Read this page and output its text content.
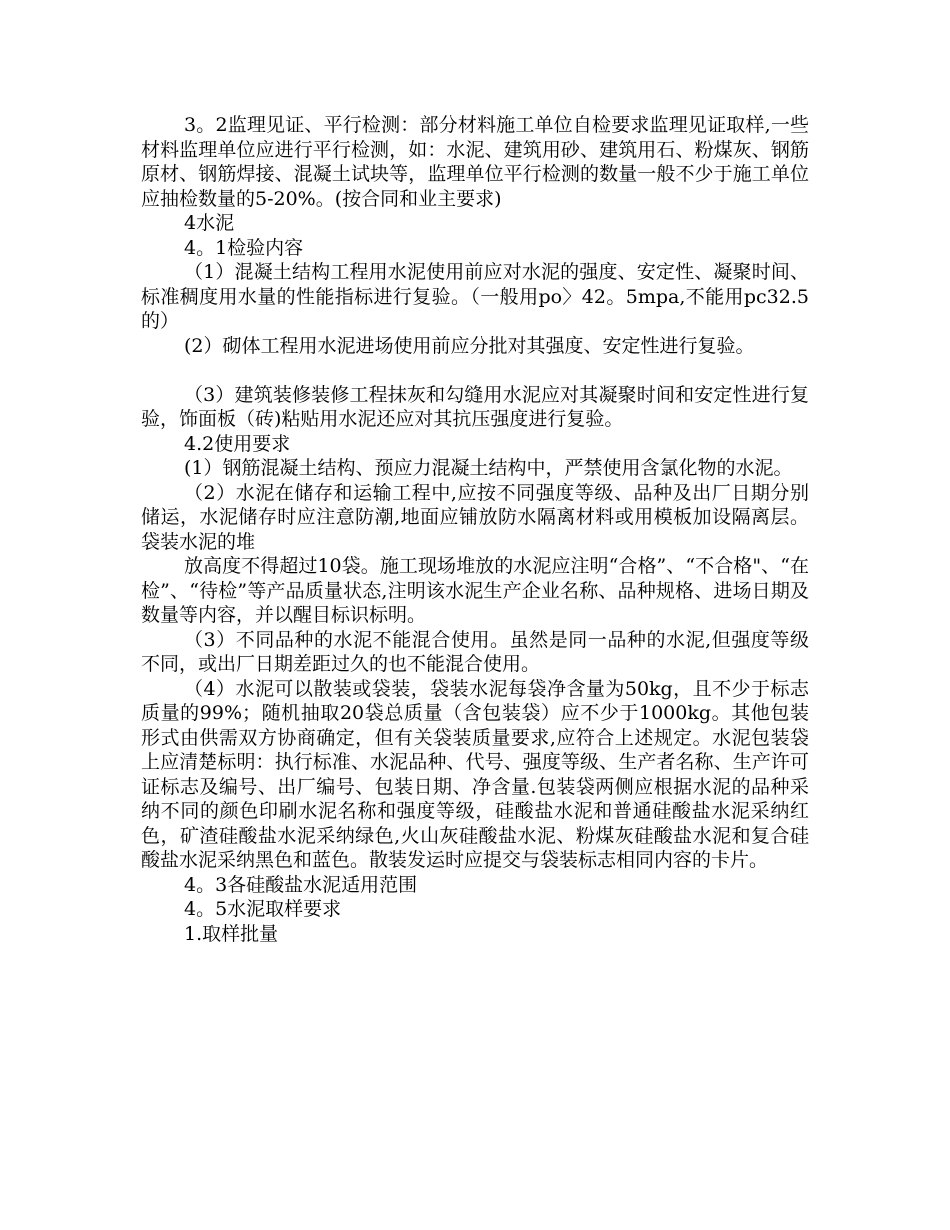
3。2监理见证、平行检测：部分材料施工单位自检要求监理见证取样,一些材料监理单位应进行平行检测，如：水泥、建筑用砂、建筑用石、粉煤灰、钢筋原材、钢筋焊接、混凝土试块等，监理单位平行检测的数量一般不少于施工单位应抽检数量的5-20%。(按合同和业主要求)

4水泥

4。1检验内容

（1）混凝土结构工程用水泥使用前应对水泥的强度、安定性、凝聚时间、标准稠度用水量的性能指标进行复验。（一般用po〉42。5mpa,不能用pc32.5的）

(2）砌体工程用水泥进场使用前应分批对其强度、安定性进行复验。

（3）建筑装修装修工程抹灰和勾缝用水泥应对其凝聚时间和安定性进行复验，饰面板（砖)粘贴用水泥还应对其抗压强度进行复验。

4.2使用要求

(1）钢筋混凝土结构、预应力混凝土结构中，严禁使用含氯化物的水泥。

（2）水泥在储存和运输工程中,应按不同强度等级、品种及出厂日期分别储运，水泥储存时应注意防潮,地面应铺放防水隔离材料或用模板加设隔离层。袋装水泥的堆

放高度不得超过10袋。施工现场堆放的水泥应注明“合格”、“不合格"、“在检”、“待检”等产品质量状态,注明该水泥生产企业名称、品种规格、进场日期及数量等内容，并以醒目标识标明。

（3）不同品种的水泥不能混合使用。虽然是同一品种的水泥,但强度等级不同，或出厂日期差距过久的也不能混合使用。

（4）水泥可以散装或袋装，袋装水泥每袋净含量为50kg，且不少于标志质量的99%；随机抽取20袋总质量（含包装袋）应不少于1000kg。其他包装形式由供需双方协商确定，但有关袋装质量要求,应符合上述规定。水泥包装袋上应清楚标明：执行标准、水泥品种、代号、强度等级、生产者名称、生产许可证标志及编号、出厂编号、包装日期、净含量.包装袋两侧应根据水泥的品种采纳不同的颜色印刷水泥名称和强度等级，硅酸盐水泥和普通硅酸盐水泥采纳红色，矿渣硅酸盐水泥采纳绿色,火山灰硅酸盐水泥、粉煤灰硅酸盐水泥和复合硅酸盐水泥采纳黑色和蓝色。散装发运时应提交与袋装标志相同内容的卡片。

4。3各硅酸盐水泥适用范围

4。5水泥取样要求

1.取样批量
